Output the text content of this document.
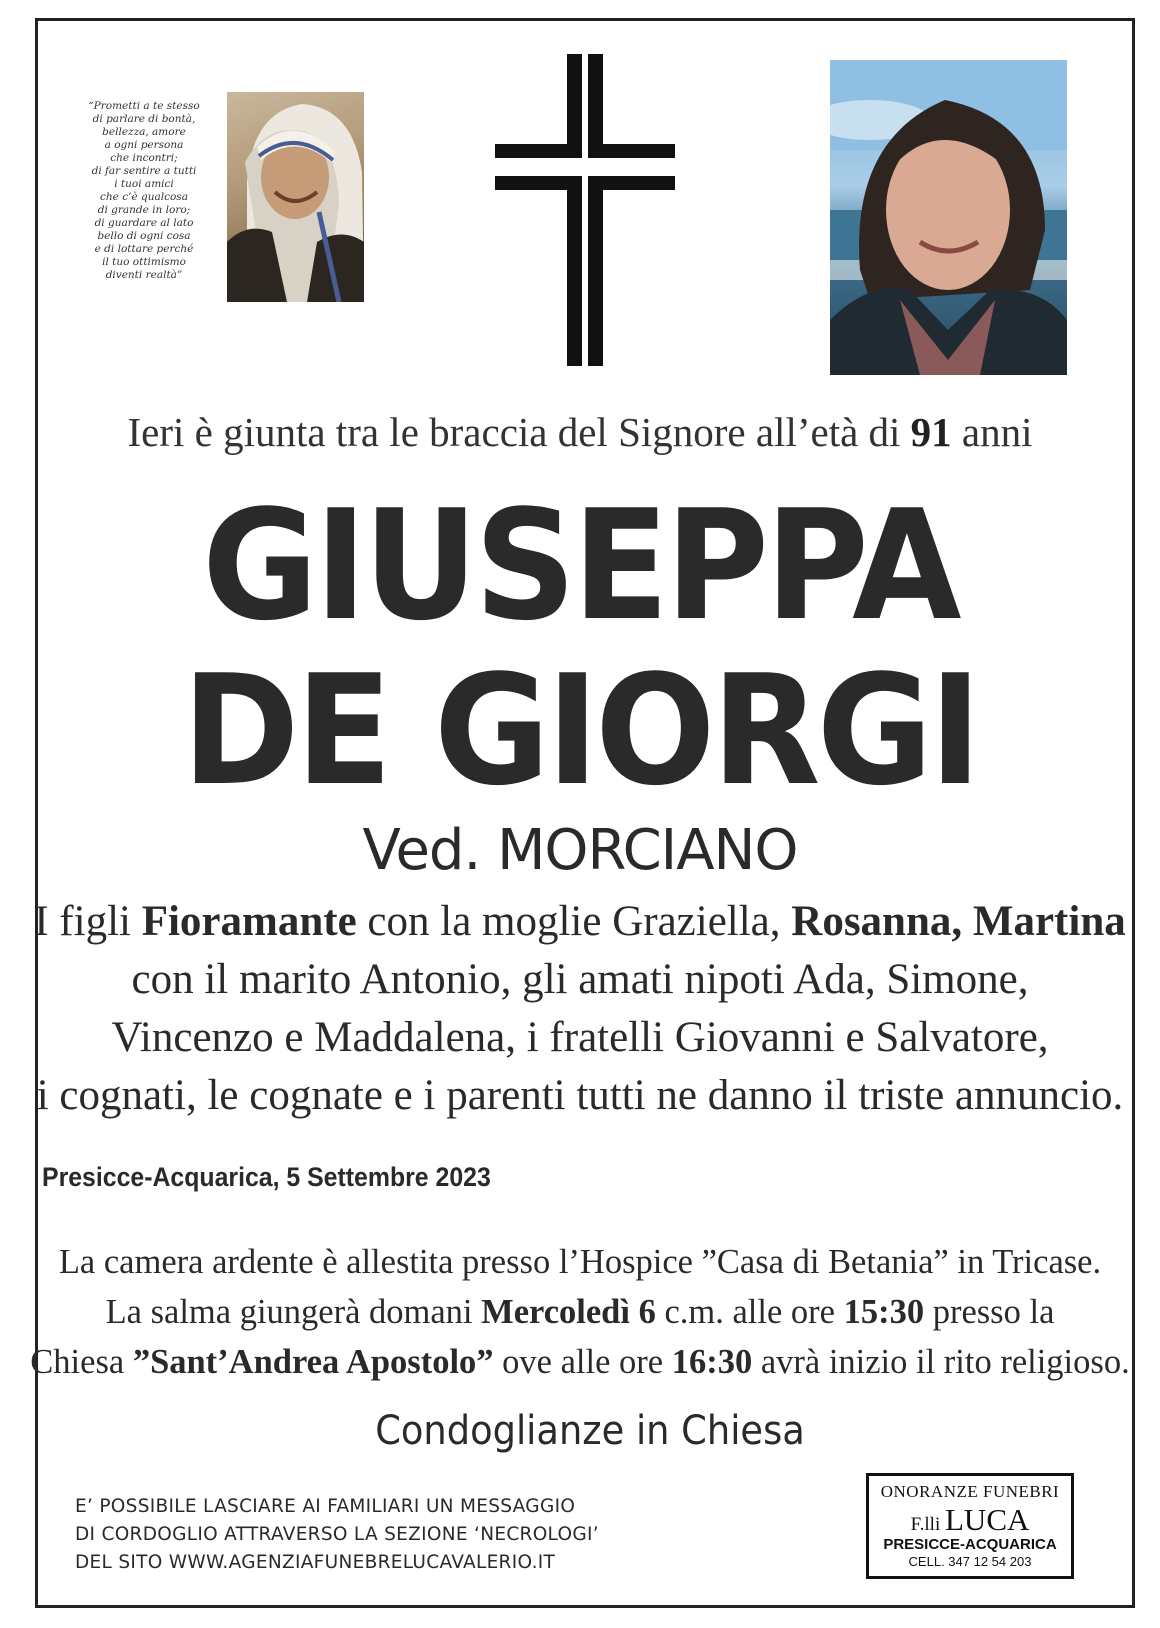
“Prometti a te stesso
di parlare di bontà,
bellezza, amore
a ogni persona
che incontri;
di far sentire a tutti
i tuoi amici
che c’è qualcosa
di grande in loro;
di guardare al lato
bello di ogni cosa
e di lottare perché
il tuo ottimismo
diventi realtà”
Ieri è giunta tra le braccia del Signore all’età di 91 anni
GIUSEPPA
DE GIORGI
Ved. MORCIANO
I figli Fioramante con la moglie Graziella, Rosanna, Martina
con il marito Antonio, gli amati nipoti Ada, Simone,
Vincenzo e Maddalena, i fratelli Giovanni e Salvatore,
i cognati, le cognate e i parenti tutti ne danno il triste annuncio.
Presicce-Acquarica, 5 Settembre 2023
La camera ardente è allestita presso l’Hospice ”Casa di Betania” in Tricase.
La salma giungerà domani Mercoledì 6 c.m. alle ore 15:30 presso la
Chiesa ”Sant’Andrea Apostolo” ove alle ore 16:30 avrà inizio il rito religioso.
Condoglianze in Chiesa
E’ POSSIBILE LASCIARE AI FAMILIARI UN MESSAGGIO
DI CORDOGLIO ATTRAVERSO LA SEZIONE ‘NECROLOGI’
DEL SITO WWW.AGENZIAFUNEBRELUCAVALERIO.IT
ONORANZE FUNEBRI
F.lli LUCA
PRESICCE-ACQUARICA
CELL. 347 12 54 203
